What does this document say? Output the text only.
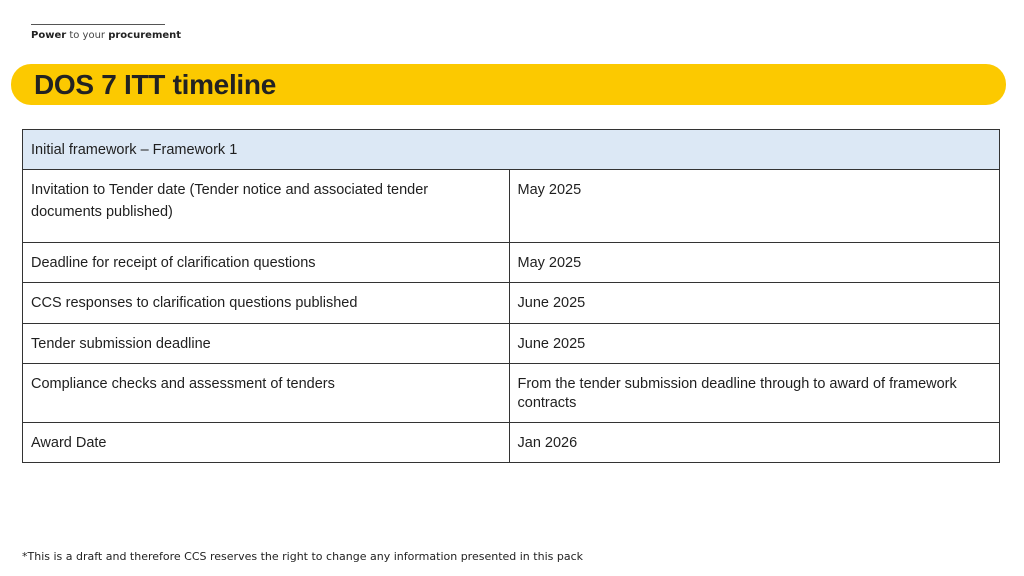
Power to your procurement
DOS 7 ITT timeline
Initial framework – Framework 1	
Invitation to Tender date (Tender notice and associated tender documents published)	May 2025
Deadline for receipt of clarification questions	May 2025
CCS responses to clarification questions published	June 2025
Tender submission deadline	June 2025
Compliance checks and assessment of tenders	From the tender submission deadline through to award of framework contracts
Award Date	Jan 2026
*This is a draft and therefore CCS reserves the right to change any information presented in this pack
